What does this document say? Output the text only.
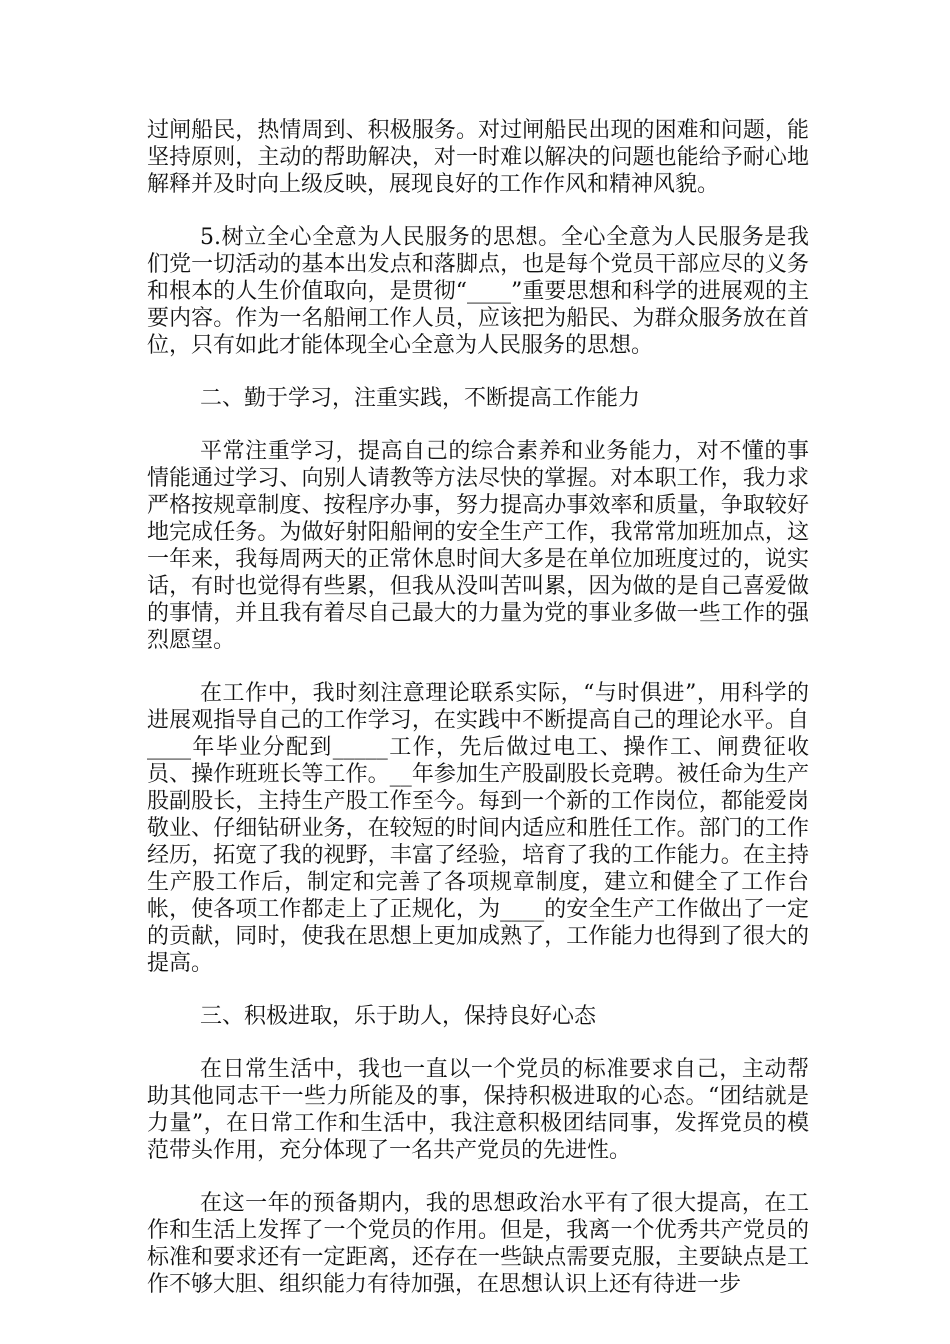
过闸船民，热情周到、积极服务。对过闸船民出现的困难和问题，能坚持原则，主动的帮助解决，对一时难以解决的问题也能给予耐心地解释并及时向上级反映，展现良好的工作作风和精神风貌。

5.树立全心全意为人民服务的思想。全心全意为人民服务是我们党一切活动的基本出发点和落脚点，也是每个党员干部应尽的义务和根本的人生价值取向，是贯彻“____”重要思想和科学的进展观的主要内容。作为一名船闸工作人员，应该把为船民、为群众服务放在首位，只有如此才能体现全心全意为人民服务的思想。

二、勤于学习，注重实践，不断提高工作能力

平常注重学习，提高自己的综合素养和业务能力，对不懂的事情能通过学习、向别人请教等方法尽快的掌握。对本职工作，我力求严格按规章制度、按程序办事，努力提高办事效率和质量，争取较好地完成任务。为做好射阳船闸的安全生产工作，我常常加班加点，这一年来，我每周两天的正常休息时间大多是在单位加班度过的，说实话，有时也觉得有些累，但我从没叫苦叫累，因为做的是自己喜爱做的事情，并且我有着尽自己最大的力量为党的事业多做一些工作的强烈愿望。

在工作中，我时刻注意理论联系实际，“与时俱进”，用科学的进展观指导自己的工作学习，在实践中不断提高自己的理论水平。自____年毕业分配到_____工作，先后做过电工、操作工、闸费征收员、操作班班长等工作。__年参加生产股副股长竞聘。被任命为生产股副股长，主持生产股工作至今。每到一个新的工作岗位，都能爱岗敬业、仔细钻研业务，在较短的时间内适应和胜任工作。部门的工作经历，拓宽了我的视野，丰富了经验，培育了我的工作能力。在主持生产股工作后，制定和完善了各项规章制度，建立和健全了工作台帐，使各项工作都走上了正规化，为____的安全生产工作做出了一定的贡献，同时，使我在思想上更加成熟了，工作能力也得到了很大的提高。

三、积极进取，乐于助人，保持良好心态

在日常生活中，我也一直以一个党员的标准要求自己，主动帮助其他同志干一些力所能及的事，保持积极进取的心态。“团结就是力量”，在日常工作和生活中，我注意积极团结同事，发挥党员的模范带头作用，充分体现了一名共产党员的先进性。

在这一年的预备期内，我的思想政治水平有了很大提高，在工作和生活上发挥了一个党员的作用。但是，我离一个优秀共产党员的标准和要求还有一定距离，还存在一些缺点需要克服，主要缺点是工作不够大胆、组织能力有待加强，在思想认识上还有待进一步
